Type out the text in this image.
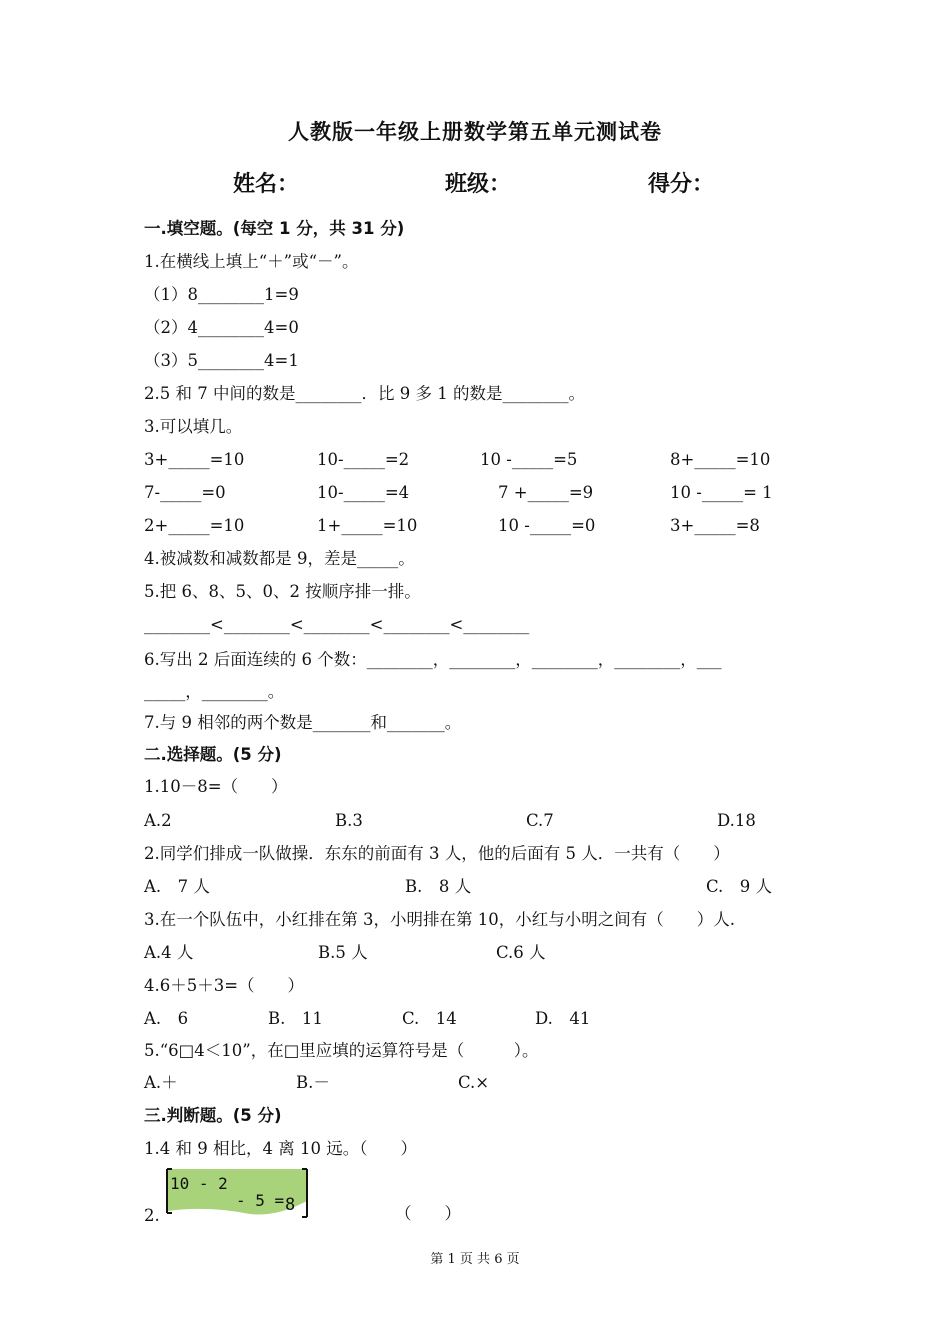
人教版一年级上册数学第五单元测试卷
姓名：	班级：	得分：
一.填空题。(每空 1 分，共 31 分)
1.在横线上填上“＋”或“－”。
（1）8________1=9
（2）4________4=0
（3）5________4=1
2.5 和 7 中间的数是________．比 9 多 1 的数是________。
3.可以填几。
3+_____=10	10-_____=2	10 -_____=5	8+_____=10
7-_____=0	10-_____=4	7 +_____=9	10 -_____= 1
2+_____=10	1+_____=10	10 -_____=0	3+_____=8
4.被减数和减数都是 9，差是_____。
5.把 6、8、5、0、2 按顺序排一排。
________<________<________<________<________
6.写出 2 后面连续的 6 个数：________，________，________，________，___
_____，________。
7.与 9 相邻的两个数是_______和_______。
二.选择题。(5 分)
1.10－8=（　　）
A.2	B.3	C.7	D.18
2.同学们排成一队做操．东东的前面有 3 人，他的后面有 5 人．一共有（　　）
A.　7 人	B.　8 人	C.　9 人
3.在一个队伍中，小红排在第 3，小明排在第 10，小红与小明之间有（　　）人.
A.4 人	B.5 人	C.6 人
4.6＋5＋3=（　　）
A.　6	B.　11	C.　14	D.　41
5.“6□4＜10”，在□里应填的运算符号是（　　　）。
A.＋	B.－	C.×
三.判断题。(5 分)
1.4 和 9 相比，4 离 10 远。（　　）
10 - 2
- 5 = 8
2.	（　　）
第 1 页 共 6 页
